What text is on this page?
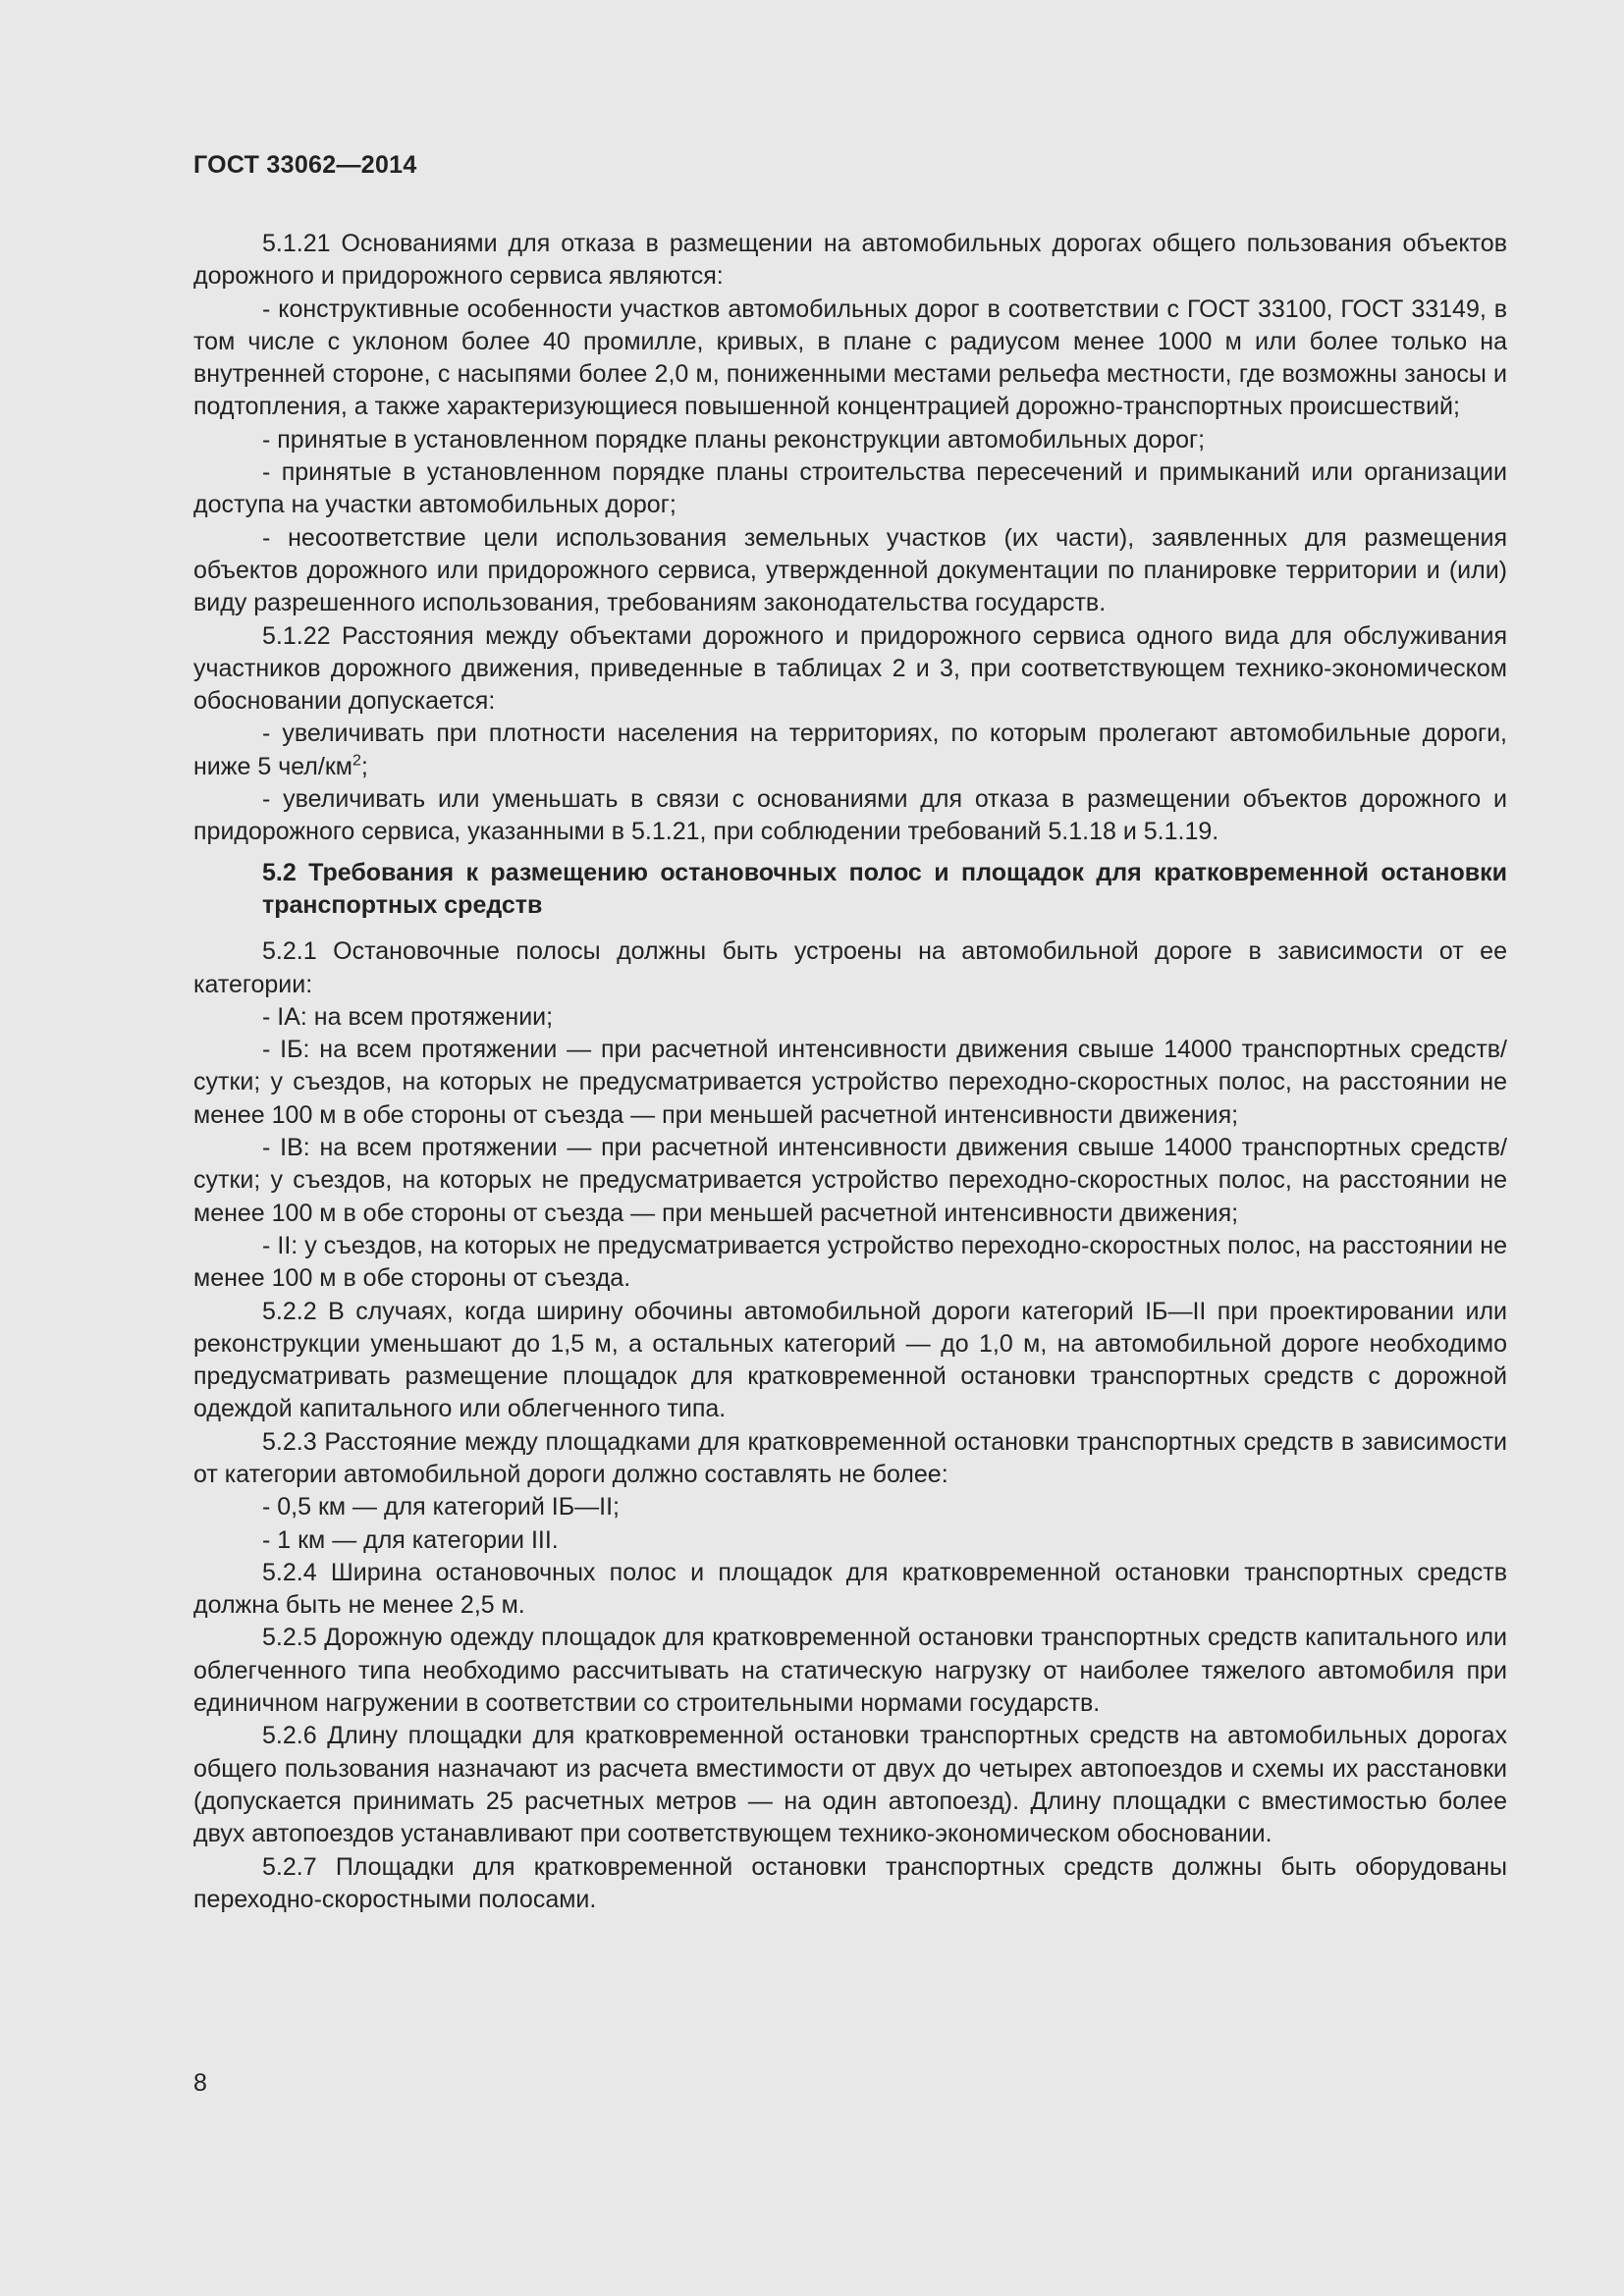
ГОСТ 33062—2014

5.1.21 Основаниями для отказа в размещении на автомобильных дорогах общего пользования объектов дорожного и придорожного сервиса являются:

- конструктивные особенности участков автомобильных дорог в соответствии с ГОСТ 33100, ГОСТ 33149, в том числе с уклоном более 40 промилле, кривых, в плане с радиусом менее 1000 м или более только на внутренней стороне, с насыпями более 2,0 м, пониженными местами рельефа местности, где возможны заносы и подтопления, а также характеризующиеся повышенной концентрацией дорожно-транспортных происшествий;

- принятые в установленном порядке планы реконструкции автомобильных дорог;

- принятые в установленном порядке планы строительства пересечений и примыканий или организации доступа на участки автомобильных дорог;

- несоответствие цели использования земельных участков (их части), заявленных для размещения объектов дорожного или придорожного сервиса, утвержденной документации по планировке территории и (или) виду разрешенного использования, требованиям законодательства государств.

5.1.22 Расстояния между объектами дорожного и придорожного сервиса одного вида для обслуживания участников дорожного движения, приведенные в таблицах 2 и 3, при соответствующем технико-экономическом обосновании допускается:

- увеличивать при плотности населения на территориях, по которым пролегают автомобильные дороги, ниже 5 чел/$км^2$;

- увеличивать или уменьшать в связи с основаниями для отказа в размещении объектов дорожного и придорожного сервиса, указанными в 5.1.21, при соблюдении требований 5.1.18 и 5.1.19.

5.2 Требования к размещению остановочных полос и площадок для кратковременной остановки транспортных средств

5.2.1 Остановочные полосы должны быть устроены на автомобильной дороге в зависимости от ее категории:

- IА: на всем протяжении;

- IБ: на всем протяжении — при расчетной интенсивности движения свыше 14000 транспортных средств/сутки; у съездов, на которых не предусматривается устройство переходно-скоростных полос, на расстоянии не менее 100 м в обе стороны от съезда — при меньшей расчетной интенсивности движения;

- IВ: на всем протяжении — при расчетной интенсивности движения свыше 14000 транспортных средств/сутки; у съездов, на которых не предусматривается устройство переходно-скоростных полос, на расстоянии не менее 100 м в обе стороны от съезда — при меньшей расчетной интенсивности движения;

- II: у съездов, на которых не предусматривается устройство переходно-скоростных полос, на расстоянии не менее 100 м в обе стороны от съезда.

5.2.2 В случаях, когда ширину обочины автомобильной дороги категорий IБ—II при проектировании или реконструкции уменьшают до 1,5 м, а остальных категорий — до 1,0 м, на автомобильной дороге необходимо предусматривать размещение площадок для кратковременной остановки транспортных средств с дорожной одеждой капитального или облегченного типа.

5.2.3 Расстояние между площадками для кратковременной остановки транспортных средств в зависимости от категории автомобильной дороги должно составлять не более:

- 0,5 км — для категорий IБ—II;

- 1 км — для категории III.

5.2.4 Ширина остановочных полос и площадок для кратковременной остановки транспортных средств должна быть не менее 2,5 м.

5.2.5 Дорожную одежду площадок для кратковременной остановки транспортных средств капитального или облегченного типа необходимо рассчитывать на статическую нагрузку от наиболее тяжелого автомобиля при единичном нагружении в соответствии со строительными нормами государств.

5.2.6 Длину площадки для кратковременной остановки транспортных средств на автомобильных дорогах общего пользования назначают из расчета вместимости от двух до четырех автопоездов и схемы их расстановки (допускается принимать 25 расчетных метров — на один автопоезд). Длину площадки с вместимостью более двух автопоездов устанавливают при соответствующем технико-экономическом обосновании.

5.2.7 Площадки для кратковременной остановки транспортных средств должны быть оборудованы переходно-скоростными полосами.

8
